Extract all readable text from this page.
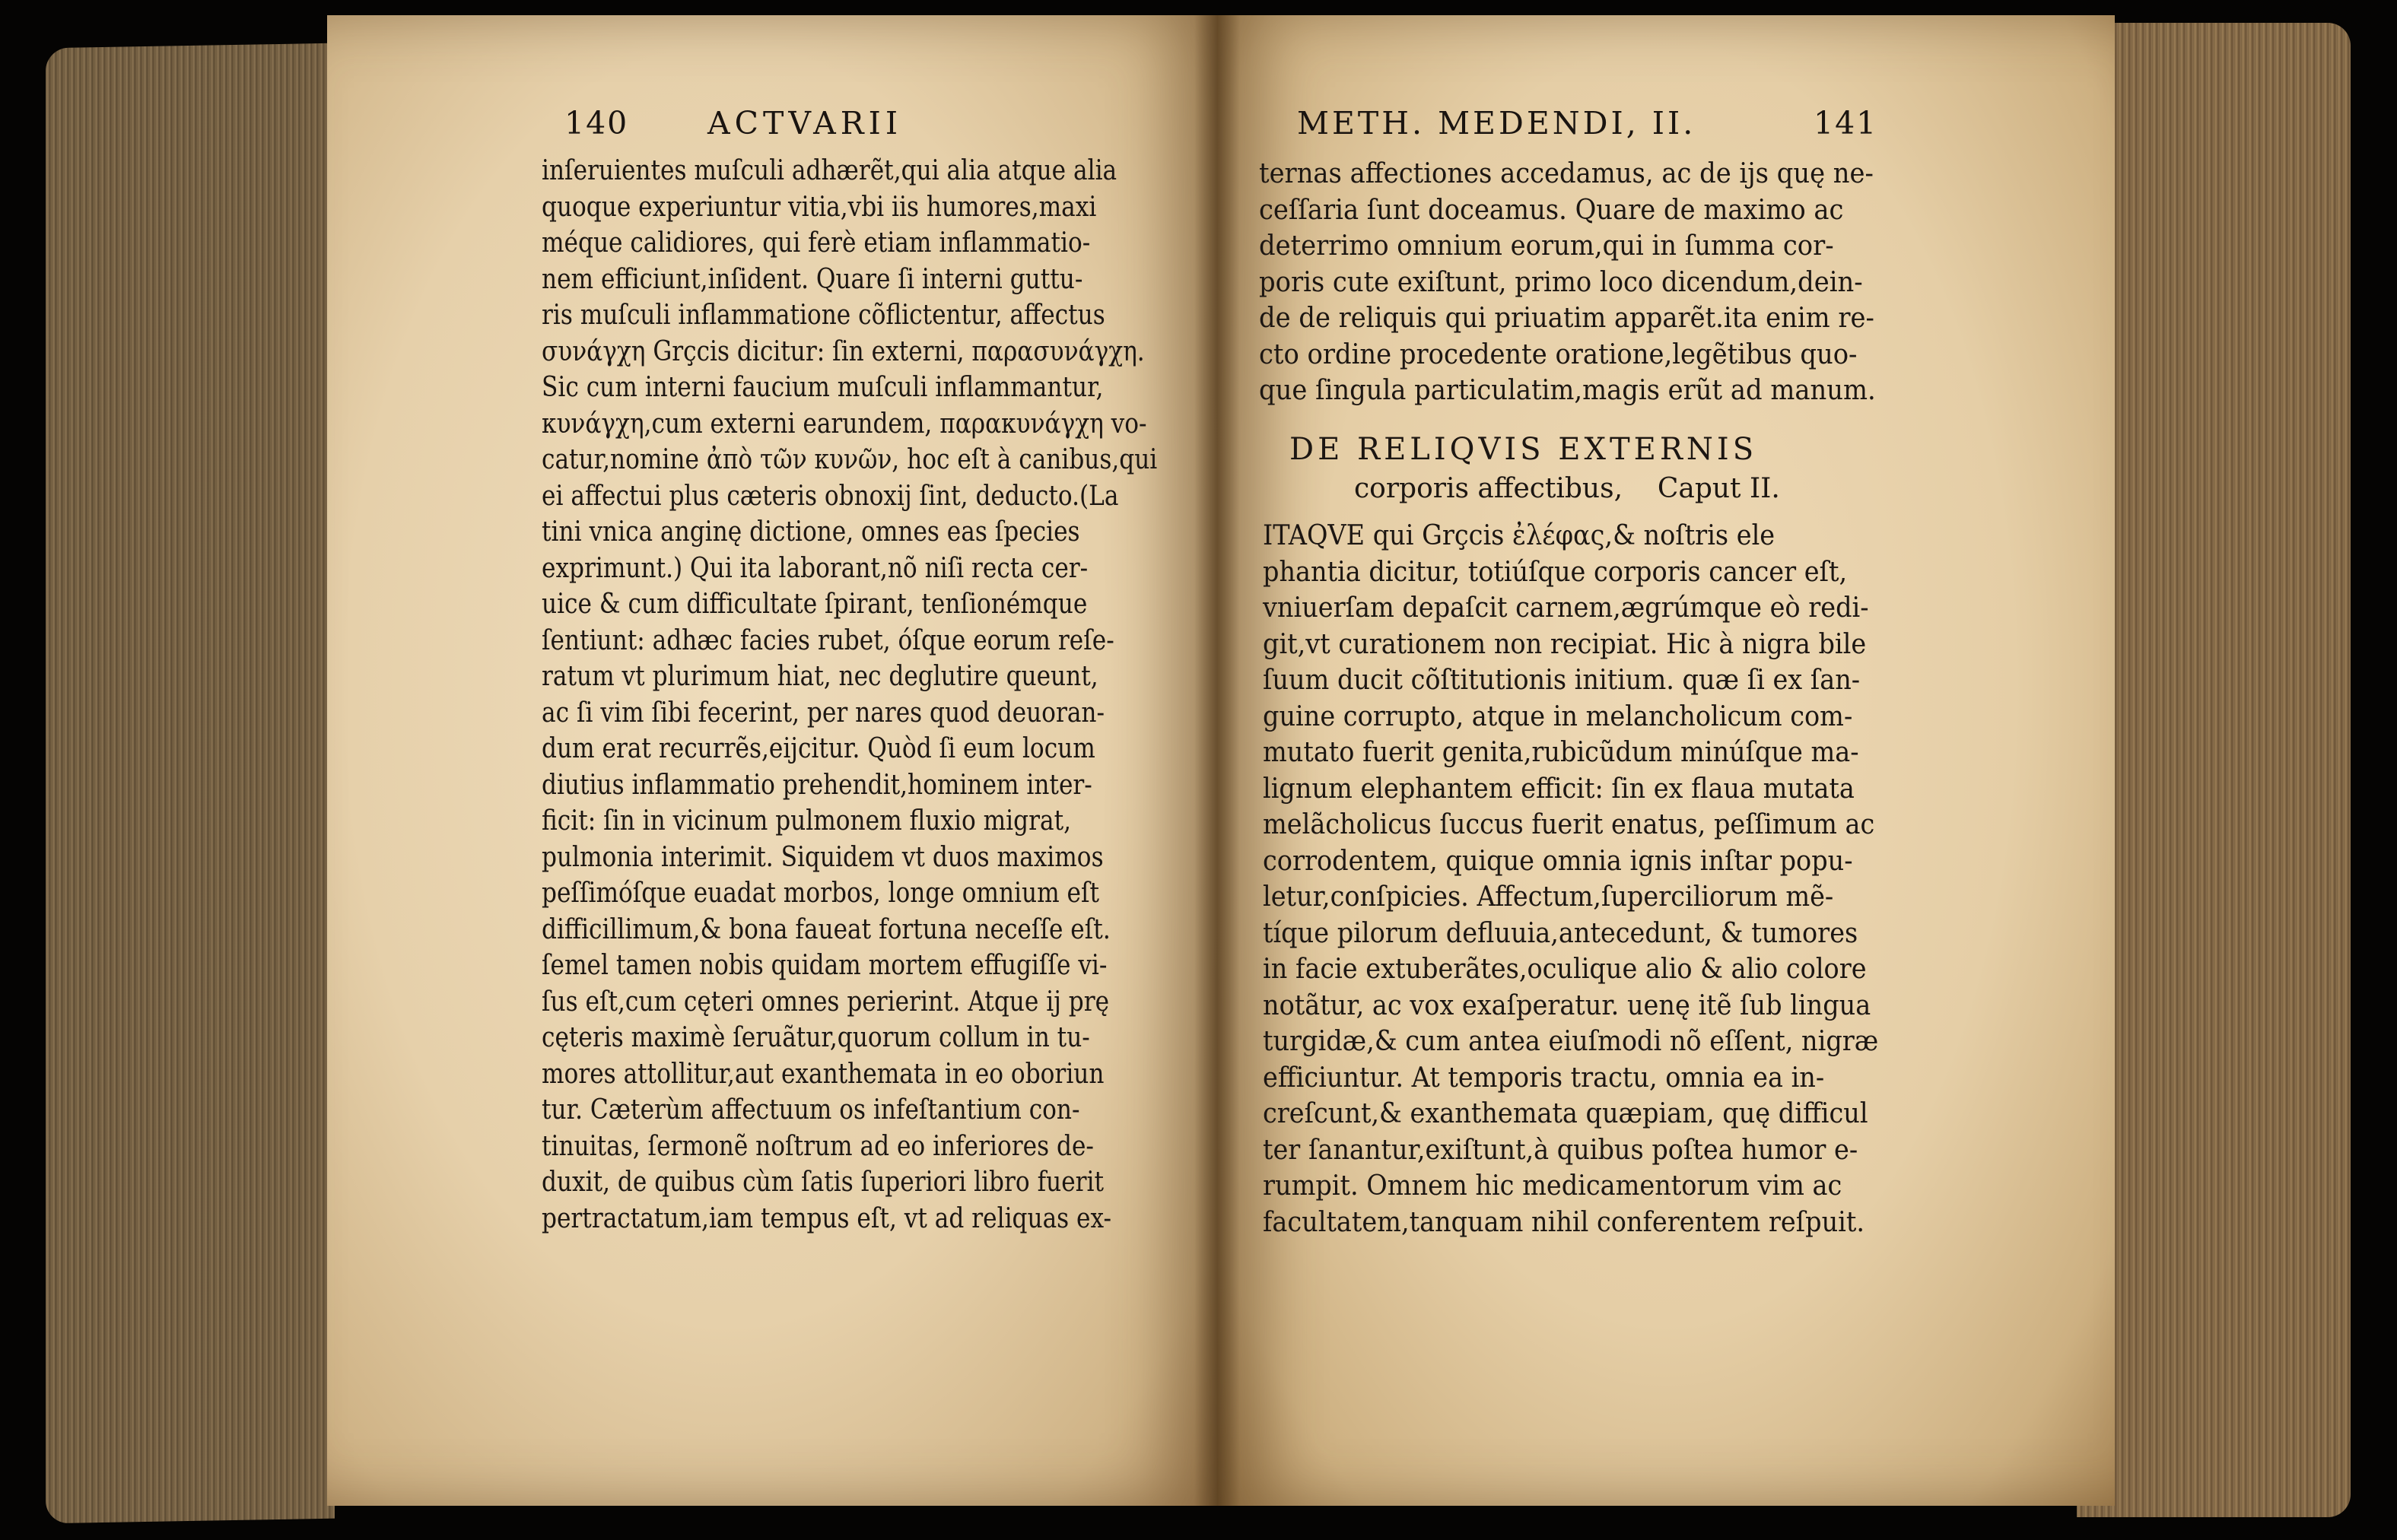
140	ACTVARII
inſeruientes muſculi adhærẽt,qui alia atque alia
quoque experiuntur vitia,vbi iis humores,maxi
méque calidiores, qui ferè etiam inflammatio-
nem efficiunt,inſident. Quare ſi interni guttu-
ris muſculi inflammatione cõflictentur, affectus
συνάγχη Grçcis dicitur: ſin externi, παρασυνάγχη.
Sic cum interni faucium muſculi inflammantur,
κυνάγχη,cum externi earundem, παρακυνάγχη vo-
catur,nomine ἀπὸ τῶν κυνῶν, hoc eſt à canibus,qui
ei affectui plus cæteris obnoxij ſint, deducto.(La
tini vnica anginę dictione, omnes eas ſpecies
exprimunt.) Qui ita laborant,nõ niſi recta cer-
uice & cum difficultate ſpirant, tenſionémque
ſentiunt: adhæc facies rubet, óſque eorum reſe-
ratum vt plurimum hiat, nec deglutire queunt,
ac ſi vim ſibi fecerint, per nares quod deuoran-
dum erat recurrẽs,eijcitur. Quòd ſi eum locum
diutius inflammatio prehendit,hominem inter-
ficit: ſin in vicinum pulmonem fluxio migrat,
pulmonia interimit. Siquidem vt duos maximos
peſſimóſque euadat morbos, longe omnium eſt
difficillimum,& bona faueat fortuna neceſſe eſt.
ſemel tamen nobis quidam mortem effugiſſe vi-
ſus eſt,cum cęteri omnes perierint. Atque ij prę
cęteris maximè ſeruãtur,quorum collum in tu-
mores attollitur,aut exanthemata in eo oboriun
tur. Cæterùm affectuum os infeſtantium con-
tinuitas, ſermonẽ noſtrum ad eo inferiores de-
duxit, de quibus cùm ſatis ſuperiori libro fuerit
pertractatum,iam tempus eſt, vt ad reliquas ex-
METH. MEDENDI, II.	141
ternas affectiones accedamus, ac de ijs quę ne-
ceſſaria ſunt doceamus. Quare de maximo ac
deterrimo omnium eorum,qui in ſumma cor-
poris cute exiſtunt, primo loco dicendum,dein-
de de reliquis qui priuatim apparẽt.ita enim re-
cto ordine procedente oratione,legẽtibus quo-
que ſingula particulatim,magis erũt ad manum.
DE RELIQVIS EXTERNIS
corporis affectibus,    Caput II.
ITAQVE qui Grçcis ἐλέφας,& noſtris ele
phantia dicitur, totiúſque corporis cancer eſt,
vniuerſam depaſcit carnem,ægrúmque eò redi-
git,vt curationem non recipiat. Hic à nigra bile
ſuum ducit cõſtitutionis initium. quæ ſi ex ſan-
guine corrupto, atque in melancholicum com-
mutato fuerit genita,rubicũdum minúſque ma-
lignum elephantem efficit: ſin ex flaua mutata
melãcholicus ſuccus fuerit enatus, peſſimum ac
corrodentem, quique omnia ignis inſtar popu-
letur,conſpicies. Affectum,ſuperciliorum mẽ-
tíque pilorum defluuia,antecedunt, & tumores
in facie extuberãtes,oculique alio & alio colore
notãtur, ac vox exaſperatur. uenę itẽ ſub lingua
turgidæ,& cum antea eiuſmodi nõ eſſent, nigræ
efficiuntur. At temporis tractu, omnia ea in-
creſcunt,& exanthemata quæpiam, quę difficul
ter ſanantur,exiſtunt,à quibus poſtea humor e-
rumpit. Omnem hic medicamentorum vim ac
facultatem,tanquam nihil conferentem reſpuit.
